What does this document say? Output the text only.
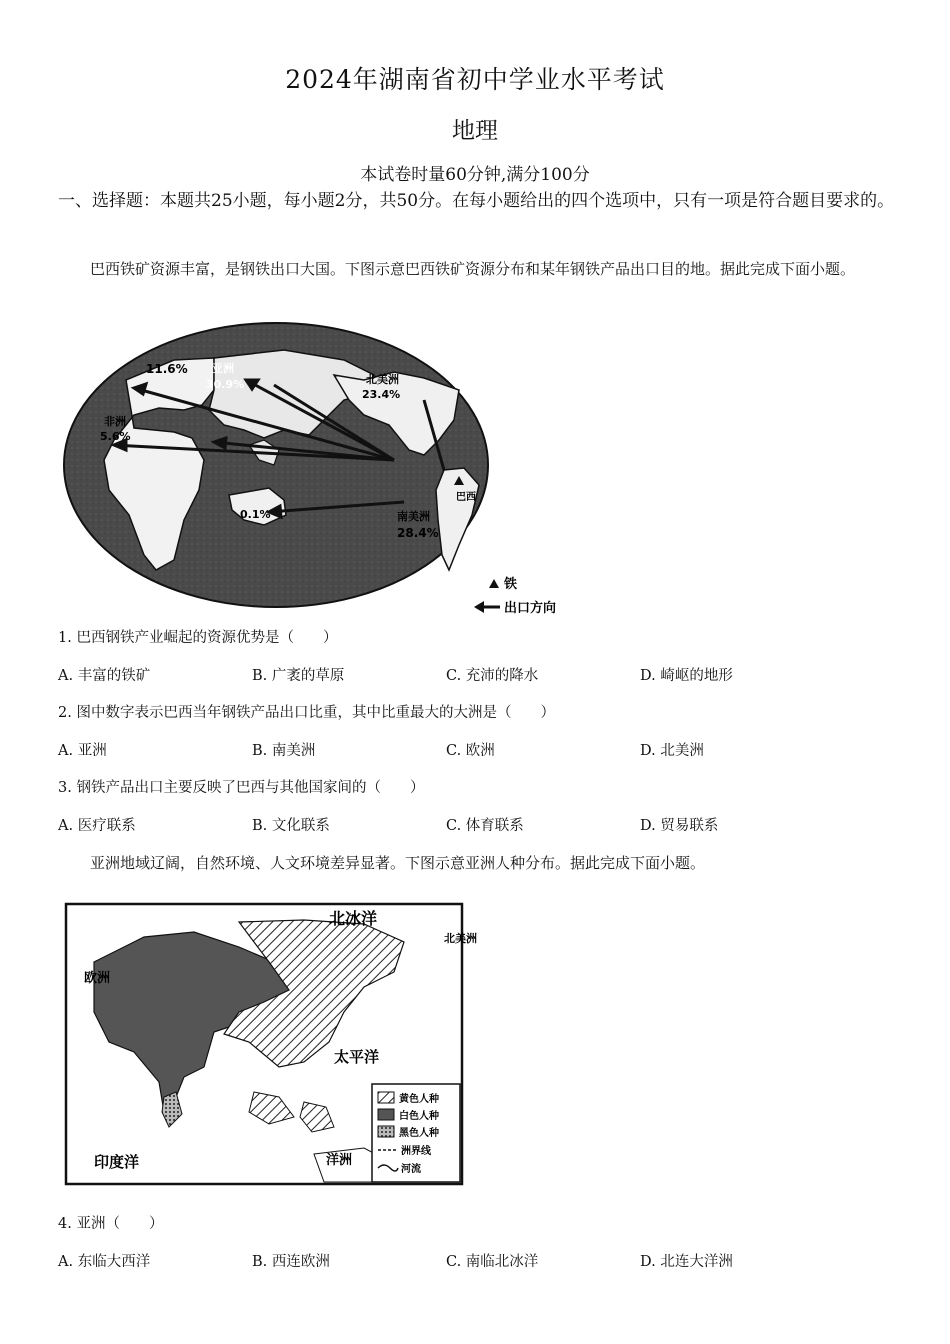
2024年湖南省初中学业水平考试
地理
本试卷时量60分钟,满分100分
一、选择题：本题共25小题，每小题2分，共50分。在每小题给出的四个选项中，只有一项是符合题目要求的。
巴西铁矿资源丰富，是钢铁出口大国。下图示意巴西铁矿资源分布和某年钢铁产品出口目的地。据此完成下面小题。
11.6% 亚洲
30.9%
非洲
5.6%
北美洲
23.4%
南美洲
28.4%
0.1%
巴西
铁
出口方向
1. 巴西钢铁产业崛起的资源优势是（　　）
A. 丰富的铁矿	B. 广袤的草原	C. 充沛的降水	D. 崎岖的地形
2. 图中数字表示巴西当年钢铁产品出口比重，其中比重最大的大洲是（　　）
A. 亚洲	B. 南美洲	C. 欧洲	D. 北美洲
3. 钢铁产品出口主要反映了巴西与其他国家间的（　　）
A. 医疗联系	B. 文化联系	C. 体育联系	D. 贸易联系
亚洲地域辽阔，自然环境、人文环境差异显著。下图示意亚洲人种分布。据此完成下面小题。
北冰洋
欧洲
北美洲
太平洋
印度洋	洋洲
黄色人种
白色人种
黑色人种
洲界线
河流
4. 亚洲（　　）
A. 东临大西洋	B. 西连欧洲	C. 南临北冰洋	D. 北连大洋洲
